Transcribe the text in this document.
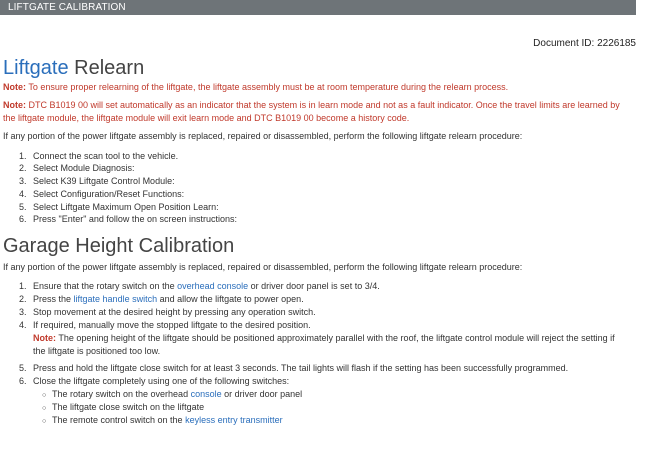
LIFTGATE CALIBRATION
Document ID: 2226185
Liftgate Relearn
Note: To ensure proper relearning of the liftgate, the liftgate assembly must be at room temperature during the relearn process.
Note: DTC B1019 00 will set automatically as an indicator that the system is in learn mode and not as a fault indicator. Once the travel limits are learned by
the liftgate module, the liftgate module will exit learn mode and DTC B1019 00 become a history code.
If any portion of the power liftgate assembly is replaced, repaired or disassembled, perform the following liftgate relearn procedure:
1. Connect the scan tool to the vehicle.
2. Select Module Diagnosis:
3. Select K39 Liftgate Control Module:
4. Select Configuration/Reset Functions:
5. Select Liftgate Maximum Open Position Learn:
6. Press "Enter" and follow the on screen instructions:
Garage Height Calibration
If any portion of the power liftgate assembly is replaced, repaired or disassembled, perform the following liftgate relearn procedure:
1. Ensure that the rotary switch on the overhead console or driver door panel is set to 3/4.
2. Press the liftgate handle switch and allow the liftgate to power open.
3. Stop movement at the desired height by pressing any operation switch.
4. If required, manually move the stopped liftgate to the desired position.
Note: The opening height of the liftgate should be positioned approximately parallel with the roof, the liftgate control module will reject the setting if
the liftgate is positioned too low.
5. Press and hold the liftgate close switch for at least 3 seconds. The tail lights will flash if the setting has been successfully programmed.
6. Close the liftgate completely using one of the following switches:
○ The rotary switch on the overhead console or driver door panel
○ The liftgate close switch on the liftgate
○ The remote control switch on the keyless entry transmitter
